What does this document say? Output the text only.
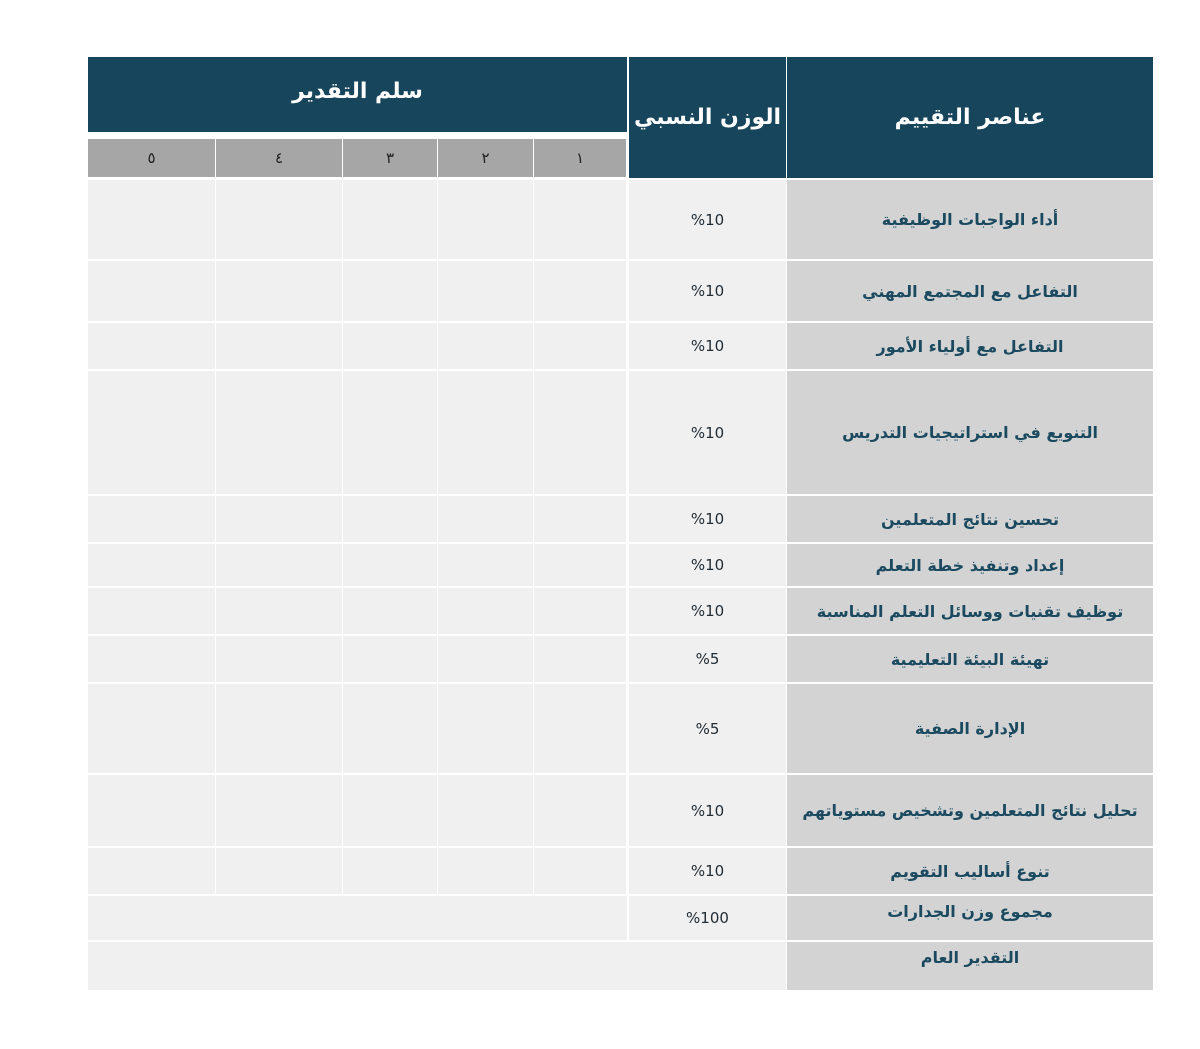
عناصر التقييم
الوزن النسبي
سلم التقدير
١
٢
٣
٤
٥
أداء الواجبات الوظيفية
%10
التفاعل مع المجتمع المهني
%10
التفاعل مع أولياء الأمور
%10
التنويع في استراتيجيات التدريس
%10
تحسين نتائج المتعلمين
%10
إعداد وتنفيذ خطة التعلم
%10
توظيف تقنيات ووسائل التعلم المناسبة
%10
تهيئة البيئة التعليمية
%5
الإدارة الصفية
%5
تحليل نتائج المتعلمين وتشخيص مستوياتهم
%10
تنوع أساليب التقويم
%10
مجموع وزن الجدارات
%100
التقدير العام
